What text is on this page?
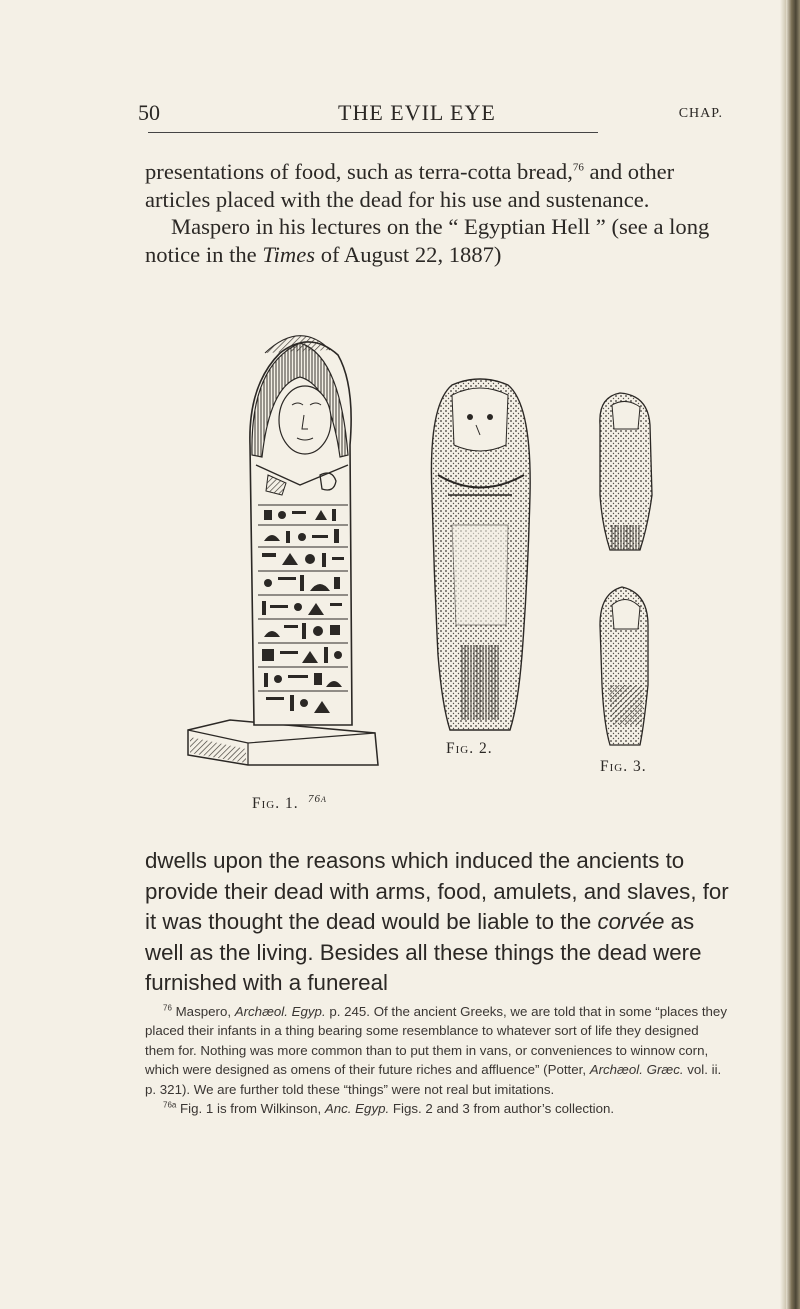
50	THE EVIL EYE	CHAP.

presentations of food, such as terra-cotta bread,$^{76}$ and other articles placed with the dead for his use and sustenance.

Maspero in his lectures on the “ Egyptian Hell ” (see a long notice in the Times of August 22, 1887)

Fig. 1. 76a
Fig. 2.
Fig. 3.

dwells upon the reasons which induced the ancients to provide their dead with arms, food, amulets, and slaves, for it was thought the dead would be liable to the corvée as well as the living. Besides all these things the dead were furnished with a funereal

$^{76}$ Maspero, Archæol. Egyp. p. 245. Of the ancient Greeks, we are told that in some “places they placed their infants in a thing bearing some resemblance to whatever sort of life they designed them for. Nothing was more common than to put them in vans, or conveniences to winnow corn, which were designed as omens of their future riches and affluence” (Potter, Archæol. Græc. vol. ii. p. 321). We are further told these “things” were not real but imitations.

$^{76a}$ Fig. 1 is from Wilkinson, Anc. Egyp. Figs. 2 and 3 from author’s collection.
